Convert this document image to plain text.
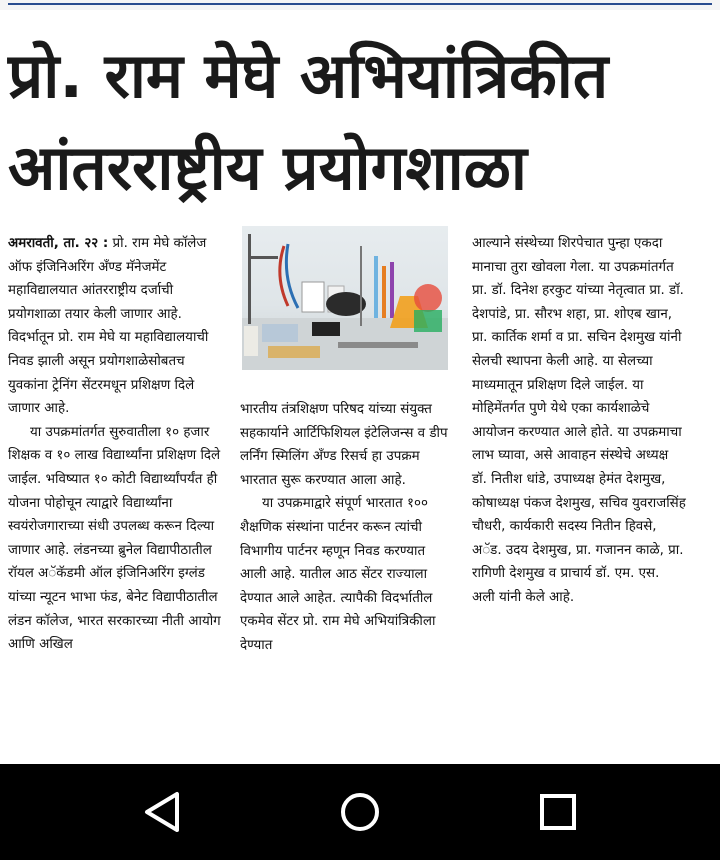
प्रो. राम मेघे अभियांत्रिकीत
आंतरराष्ट्रीय प्रयोगशाळा

अमरावती, ता. २२ : प्रो. राम मेघे कॉलेज ऑफ इंजिनिअरिंग अँण्ड मॅनेजमेंट महाविद्यालयात आंतरराष्ट्रीय दर्जाची प्रयोगशाळा तयार केली जाणार आहे. विदर्भातून प्रो. राम मेघे या महाविद्यालयाची निवड झाली असून प्रयोगशाळेसोबतच युवकांना ट्रेनिंग सेंटरमधून प्रशिक्षण दिले जाणार आहे.

या उपक्रमांतर्गत सुरुवातीला १० हजार शिक्षक व १० लाख विद्यार्थ्यांना प्रशिक्षण दिले जाईल. भविष्यात १० कोटी विद्यार्थ्यांपर्यंत ही योजना पोहोचून त्याद्वारे विद्यार्थ्यांना स्वयंरोजगाराच्या संधी उपलब्ध करून दिल्या जाणार आहे. लंडनच्या ब्रुनेल विद्यापीठातील रॉयल अॅकॅडमी ऑल इंजिनिअरिंग इग्लंड यांच्या न्यूटन भाभा फंड, बेनेट विद्यापीठातील लंडन कॉलेज, भारत सरकारच्या नीती आयोग आणि अखिल

भारतीय तंत्रशिक्षण परिषद यांच्या संयुक्त सहकार्याने आर्टिफिशियल इंटेलिजन्स व डीप लर्निंग स्मिलिंग अँण्ड रिसर्च हा उपक्रम भारतात सुरू करण्यात आला आहे.

या उपक्रमाद्वारे संपूर्ण भारतात १०० शैक्षणिक संस्थांना पार्टनर करून त्यांची विभागीय पार्टनर म्हणून निवड करण्यात आली आहे. यातील आठ सेंटर राज्याला देण्यात आले आहेत. त्यापैकी विदर्भातील एकमेव सेंटर प्रो. राम मेघे अभियांत्रिकीला देण्यात

आल्याने संस्थेच्या शिरपेचात पुन्हा एकदा मानाचा तुरा खोवला गेला. या उपक्रमांतर्गत प्रा. डॉ. दिनेश हरकुट यांच्या नेतृत्वात प्रा. डॉ. देशपांडे, प्रा. सौरभ शहा, प्रा. शोएब खान, प्रा. कार्तिक शर्मा व प्रा. सचिन देशमुख यांनी सेलची स्थापना केली आहे. या सेलच्या माध्यमातून प्रशिक्षण दिले जाईल. या मोहिमेंतर्गत पुणे येथे एका कार्यशाळेचे आयोजन करण्यात आले होते. या उपक्रमाचा लाभ घ्यावा, असे आवाहन संस्थेचे अध्यक्ष डॉ. नितीश धांडे, उपाध्यक्ष हेमंत देशमुख, कोषाध्यक्ष पंकज देशमुख, सचिव युवराजसिंह चौधरी, कार्यकारी सदस्य नितीन हिवसे, अॅड. उदय देशमुख, प्रा. गजानन काळे, प्रा. रागिणी देशमुख व प्राचार्य डॉ. एम. एस. अली यांनी केले आहे.
